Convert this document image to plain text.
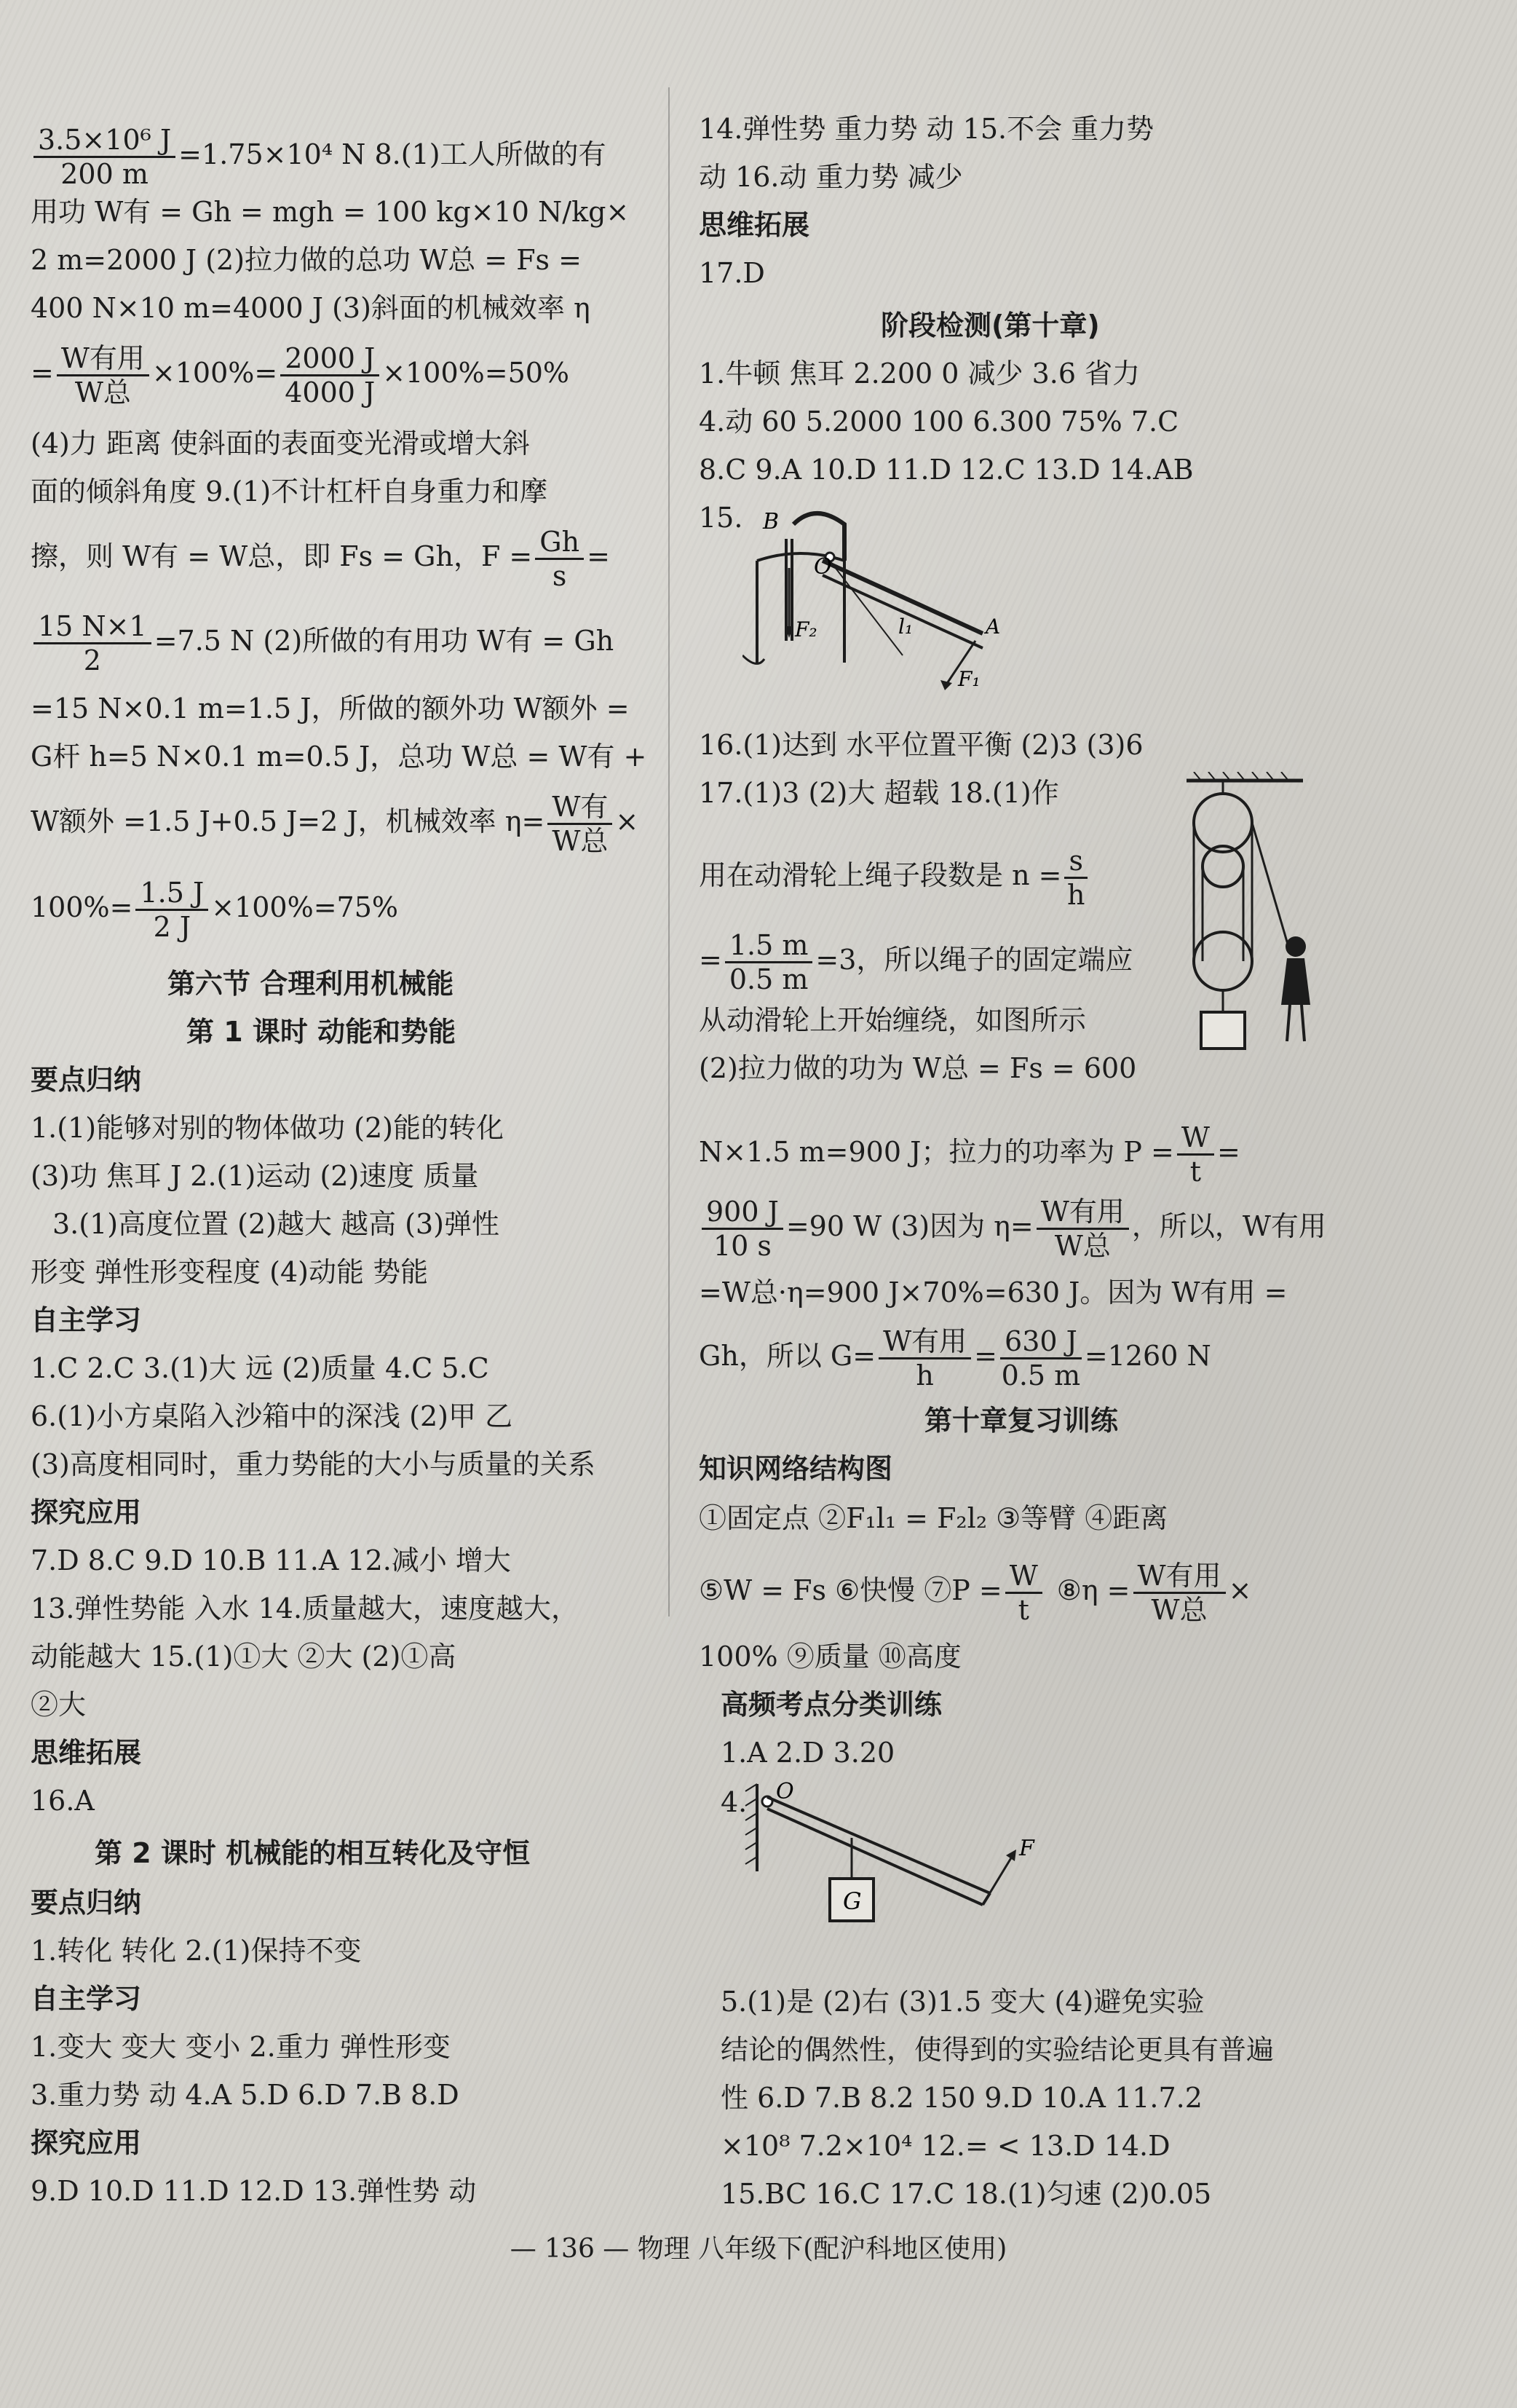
$\frac{\text{3.5×10⁶ J}}{200 m} =1.75\times 10^4$ N 8.(1)工人所做的有
用功 W有 = Gh = mgh = 100 kg×10 N/kg×
2 m=2000 J (2)拉力做的总功 W总 = Fs =
400 N×10 m=4000 J (3)斜面的机械效率 η
= $\frac{\text{W有用}}{\text{W总}} \times 100\%= \frac{2000 J}{4000 J} \times 100\%=50\%$
(4)力 距离 使斜面的表面变光滑或增大斜
面的倾斜角度 9.(1)不计杠杆自身重力和摩
擦，则 W有 = W总，即 Fs = Gh，$F = \frac{Gh}{s}$ =
$\frac{15 N\times 1}{2} =7.5$ N (2)所做的有用功 W有 = Gh
=15 N×0.1 m=1.5 J，所做的额外功 W额外 =
G杆 h=5 N×0.1 m=0.5 J，总功 W总 = W有 +
W额外 =1.5 J+0.5 J=2 J，机械效率 $\eta= \frac{\text{W有}}{\text{W总}}$ ×
$100\%= \frac{1.5 J}{2 J} \times 100\%=75\%$
第六节 合理利用机械能
第 1 课时 动能和势能
要点归纳
1.(1)能够对别的物体做功 (2)能的转化
(3)功 焦耳 J 2.(1)运动 (2)速度 质量
3.(1)高度位置 (2)越大 越高 (3)弹性
形变 弹性形变程度 (4)动能 势能
自主学习
1.C 2.C 3.(1)大 远 (2)质量 4.C 5.C
6.(1)小方桌陷入沙箱中的深浅 (2)甲 乙
(3)高度相同时，重力势能的大小与质量的关系
探究应用
7.D 8.C 9.D 10.B 11.A 12.减小 增大
13.弹性势能 入水 14.质量越大，速度越大，
动能越大 15.(1)①大 ②大 (2)①高
②大
思维拓展
16.A
第 2 课时 机械能的相互转化及守恒
要点归纳
1.转化 转化 2.(1)保持不变
自主学习
1.变大 变大 变小 2.重力 弹性形变
3.重力势 动 4.A 5.D 6.D 7.B 8.D
探究应用
9.D 10.D 11.D 12.D 13.弹性势 动
14.弹性势 重力势 动 15.不会 重力势
动 16.动 重力势 减少
思维拓展
17.D
阶段检测(第十章)
1.牛顿 焦耳 2.200 0 减少 3.6 省力
4.动 60 5.2000 100 6.300 75% 7.C
8.C 9.A 10.D 11.D 12.C 13.D 14.AB
15. B
O
F₂	l₁	A
F₁
16.(1)达到 水平位置平衡 (2)3 (3)6
17.(1)3 (2)大 超载 18.(1)作
用在动滑轮上绳子段数是 $n = \frac{s}{h}$
= $\frac{1.5 m}{0.5 m} =3$，所以绳子的固定端应
从动滑轮上开始缠绕，如图所示
(2)拉力做的功为 W总 = Fs = 600
N×1.5 m=900 J；拉力的功率为 $P = \frac{W}{t}$ =
$\frac{900 J}{10 s} =90$ W (3)因为 $\eta= \frac{\text{W有用}}{\text{W总}}$ ，所以，W有用
=W总·η=900 J×70%=630 J。因为 W有用 =
Gh，所以 $G= \frac{\text{W有用}}{h} = \frac{630 J}{0.5 m} =1260$ N
第十章复习训练
知识网络结构图
①固定点 ②F₁l₁ = F₂l₂ ③等臂 ④距离
⑤W = Fs ⑥快慢 ⑦P = $\frac{W}{t}$ ⑧η = $\frac{\text{W有用}}{\text{W总}}$ ×
100% ⑨质量 ⑩高度
高频考点分类训练
1.A 2.D 3.20
4. O
G
F
5.(1)是 (2)右 (3)1.5 变大 (4)避免实验
结论的偶然性，使得到的实验结论更具有普遍
性 6.D 7.B 8.2 150 9.D 10.A 11.7.2
×10⁸ 7.2×10⁴ 12.= < 13.D 14.D
15.BC 16.C 17.C 18.(1)匀速 (2)0.05
— 136 — 物理 八年级下(配沪科地区使用)
